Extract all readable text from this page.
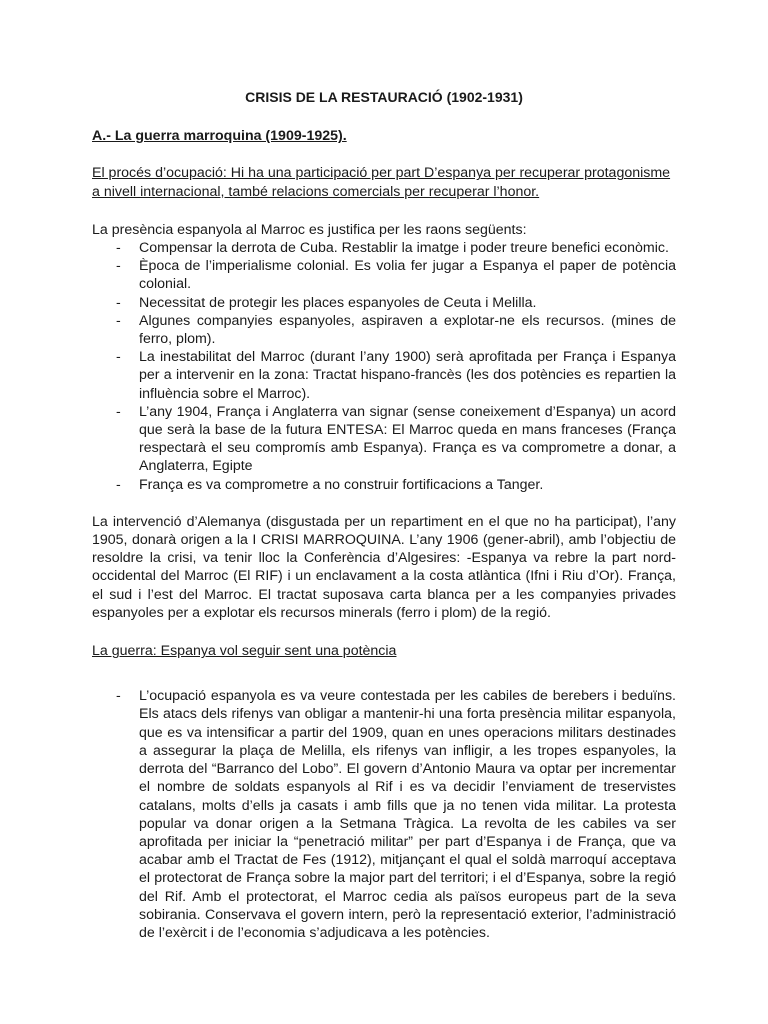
CRISIS DE LA RESTAURACIÓ (1902-1931)
A.- La guerra marroquina (1909-1925).
El procés d’ocupació: Hi ha una participació per part D’espanya per recuperar protagonisme a nivell internacional, també relacions comercials per recuperar l’honor.
La presència espanyola al Marroc es justifica per les raons següents:
- Compensar la derrota de Cuba. Restablir la imatge i poder treure benefici econòmic.
- Època de l’imperialisme colonial. Es volia fer jugar a Espanya el paper de potència colonial.
- Necessitat de protegir les places espanyoles de Ceuta i Melilla.
- Algunes companyies espanyoles, aspiraven a explotar-ne els recursos. (mines de ferro, plom).
- La inestabilitat del Marroc (durant l’any 1900) serà aprofitada per França i Espanya per a intervenir en la zona: Tractat hispano-francès (les dos potències es repartien la influència sobre el Marroc).
- L’any 1904, França i Anglaterra van signar (sense coneixement d’Espanya) un acord que serà la base de la futura ENTESA: El Marroc queda en mans franceses (França respectarà el seu compromís amb Espanya). França es va comprometre a donar, a Anglaterra, Egipte
- França es va comprometre a no construir fortificacions a Tanger.
La intervenció d’Alemanya (disgustada per un repartiment en el que no ha participat), l’any 1905, donarà origen a la I CRISI MARROQUINA. L’any 1906 (gener-abril), amb l’objectiu de resoldre la crisi, va tenir lloc la Conferència d’Algesires: -Espanya va rebre la part nord-occidental del Marroc (El RIF) i un enclavament a la costa atlàntica (Ifni i Riu d’Or). França, el sud i l’est del Marroc. El tractat suposava carta blanca per a les companyies privades espanyoles per a explotar els recursos minerals (ferro i plom) de la regió.
La guerra: Espanya vol seguir sent una potència
- L’ocupació espanyola es va veure contestada per les cabiles de berebers i beduïns. Els atacs dels rifenys van obligar a mantenir-hi una forta presència militar espanyola, que es va intensificar a partir del 1909, quan en unes operacions militars destinades a assegurar la plaça de Melilla, els rifenys van infligir, a les tropes espanyoles, la derrota del “Barranco del Lobo”. El govern d’Antonio Maura va optar per incrementar el nombre de soldats espanyols al Rif i es va decidir l’enviament de treservistes catalans, molts d’ells ja casats i amb fills que ja no tenen vida militar. La protesta popular va donar origen a la Setmana Tràgica. La revolta de les cabiles va ser aprofitada per iniciar la “penetració militar” per part d’Espanya i de França, que va acabar amb el Tractat de Fes (1912), mitjançant el qual el soldà marroquí acceptava el protectorat de França sobre la major part del territori; i el d’Espanya, sobre la regió del Rif. Amb el protectorat, el Marroc cedia als països europeus part de la seva sobirania. Conservava el govern intern, però la representació exterior, l’administració de l’exèrcit i de l’economia s’adjudicava a les potències.
